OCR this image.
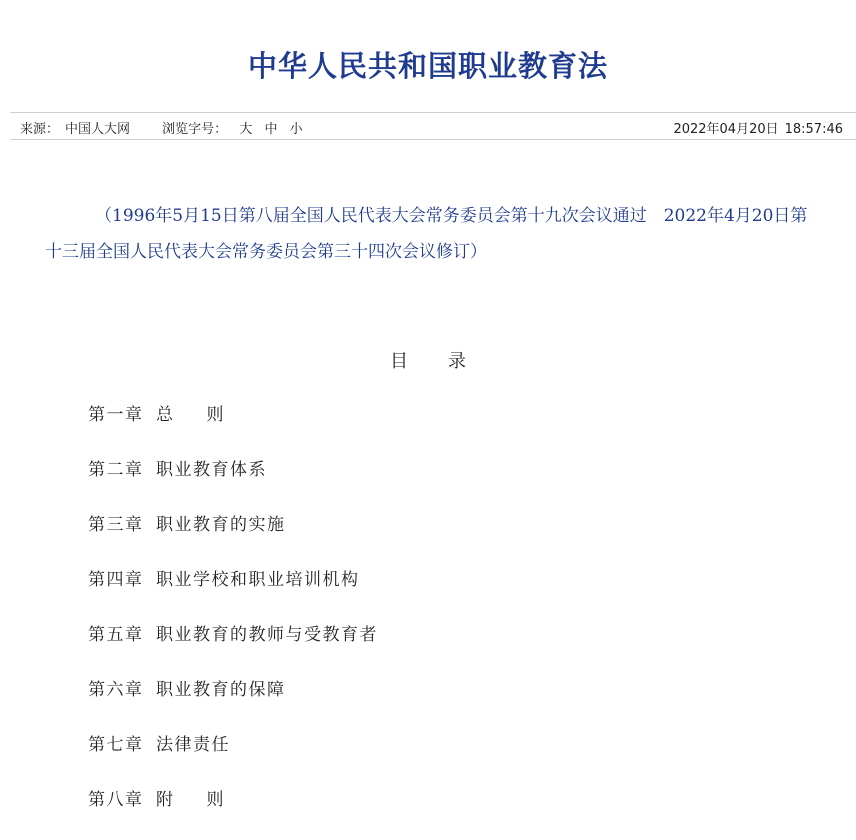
中华人民共和国职业教育法
来源： 中国人大网 浏览字号： 大 中 小	2022年04月20日 18:57:46
（1996年5月15日第八届全国人民代表大会常务委员会第十九次会议通过　2022年4月20日第十三届全国人民代表大会常务委员会第三十四次会议修订）
目 录
第一章 总 则
第二章 职业教育体系
第三章 职业教育的实施
第四章 职业学校和职业培训机构
第五章 职业教育的教师与受教育者
第六章 职业教育的保障
第七章 法律责任
第八章 附 则
